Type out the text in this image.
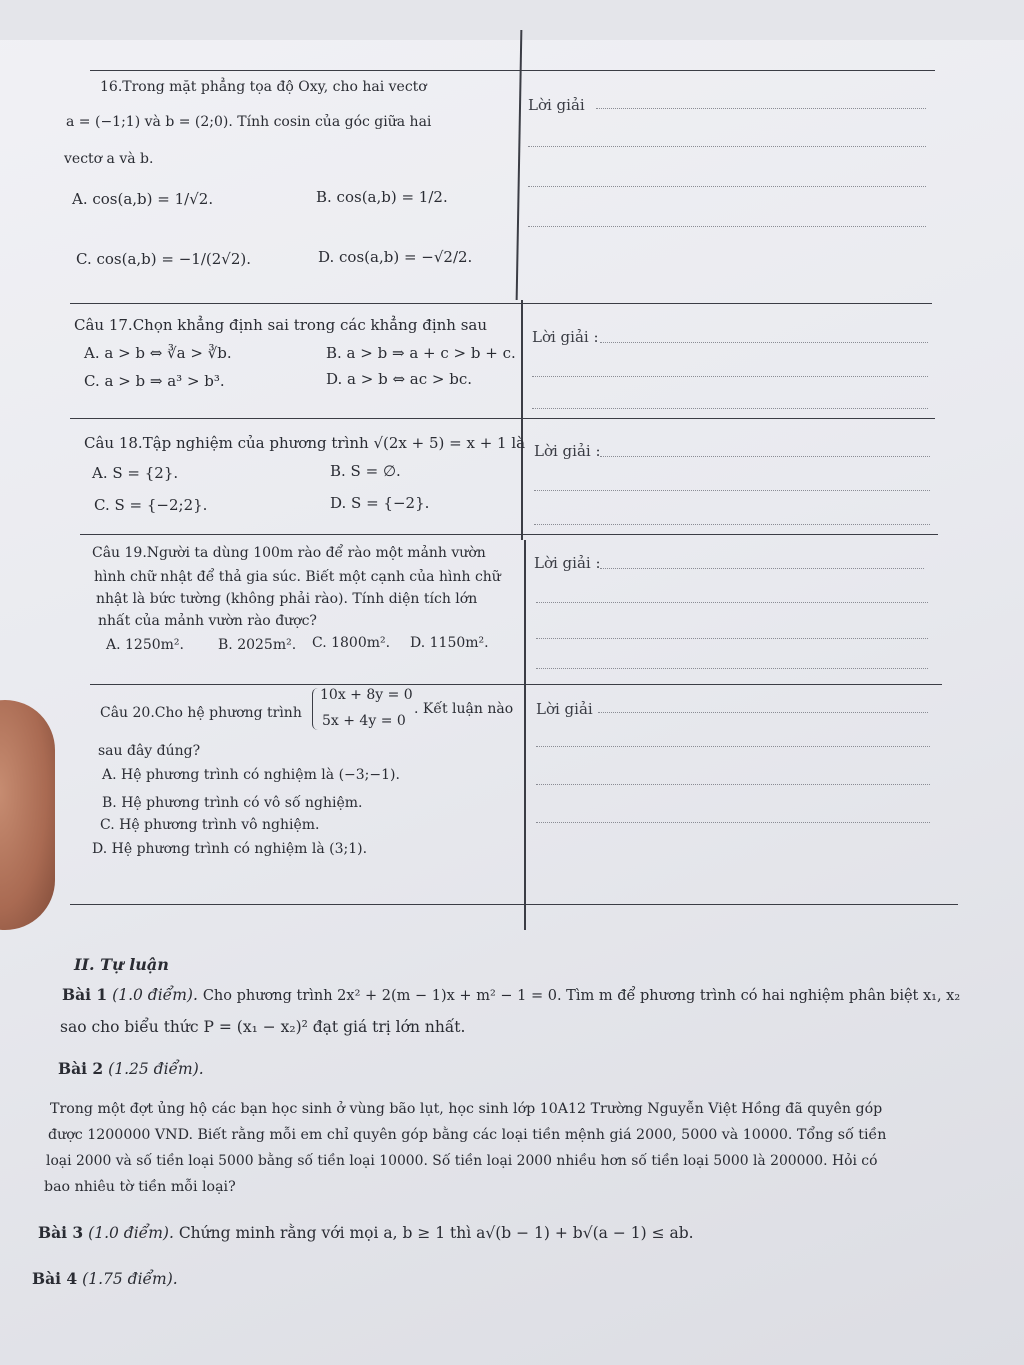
16.Trong mặt phẳng tọa độ Oxy, cho hai vectơ
a = (−1;1) và b = (2;0). Tính cosin của góc giữa hai
vectơ a và b.
A. cos(a,b) = 1/√2.	B. cos(a,b) = 1/2.
C. cos(a,b) = −1/(2√2).	D. cos(a,b) = −√2/2.
Lời giải
Câu 17.Chọn khẳng định sai trong các khẳng định sau
A. a > b ⇔ ∛a > ∛b.	B. a > b ⇒ a + c > b + c.
C. a > b ⇒ a³ > b³.	D. a > b ⇔ ac > bc.
Lời giải :
Câu 18.Tập nghiệm của phương trình √(2x + 5) = x + 1 là
A. S = {2}.	B. S = ∅.
C. S = {−2;2}.	D. S = {−2}.
Lời giải :
Câu 19.Người ta dùng 100m rào để rào một mảnh vườn
hình chữ nhật để thả gia súc. Biết một cạnh của hình chữ
nhật là bức tường (không phải rào). Tính diện tích lớn
nhất của mảnh vườn rào được?
A. 1250m². B. 2025m². C. 1800m². D. 1150m².
Lời giải :
Câu 20.Cho hệ phương trình
10x + 8y = 0
5x + 4y = 0
. Kết luận nào
sau đây đúng?
A. Hệ phương trình có nghiệm là (−3;−1).
B. Hệ phương trình có vô số nghiệm.
C. Hệ phương trình vô nghiệm.
D. Hệ phương trình có nghiệm là (3;1).
Lời giải
II. Tự luận
Bài 1 (1.0 điểm). Cho phương trình 2x² + 2(m − 1)x + m² − 1 = 0. Tìm m để phương trình có hai nghiệm phân biệt x₁, x₂
sao cho biểu thức P = (x₁ − x₂)² đạt giá trị lớn nhất.
Bài 2 (1.25 điểm).
Trong một đợt ủng hộ các bạn học sinh ở vùng bão lụt, học sinh lớp 10A12 Trường Nguyễn Việt Hồng đã quyên góp
được 1200000 VND. Biết rằng mỗi em chỉ quyên góp bằng các loại tiền mệnh giá 2000, 5000 và 10000. Tổng số tiền
loại 2000 và số tiền loại 5000 bằng số tiền loại 10000. Số tiền loại 2000 nhiều hơn số tiền loại 5000 là 200000. Hỏi có
bao nhiêu tờ tiền mỗi loại?
Bài 3 (1.0 điểm). Chứng minh rằng với mọi a, b ≥ 1 thì a√(b − 1) + b√(a − 1) ≤ ab.
Bài 4 (1.75 điểm).
